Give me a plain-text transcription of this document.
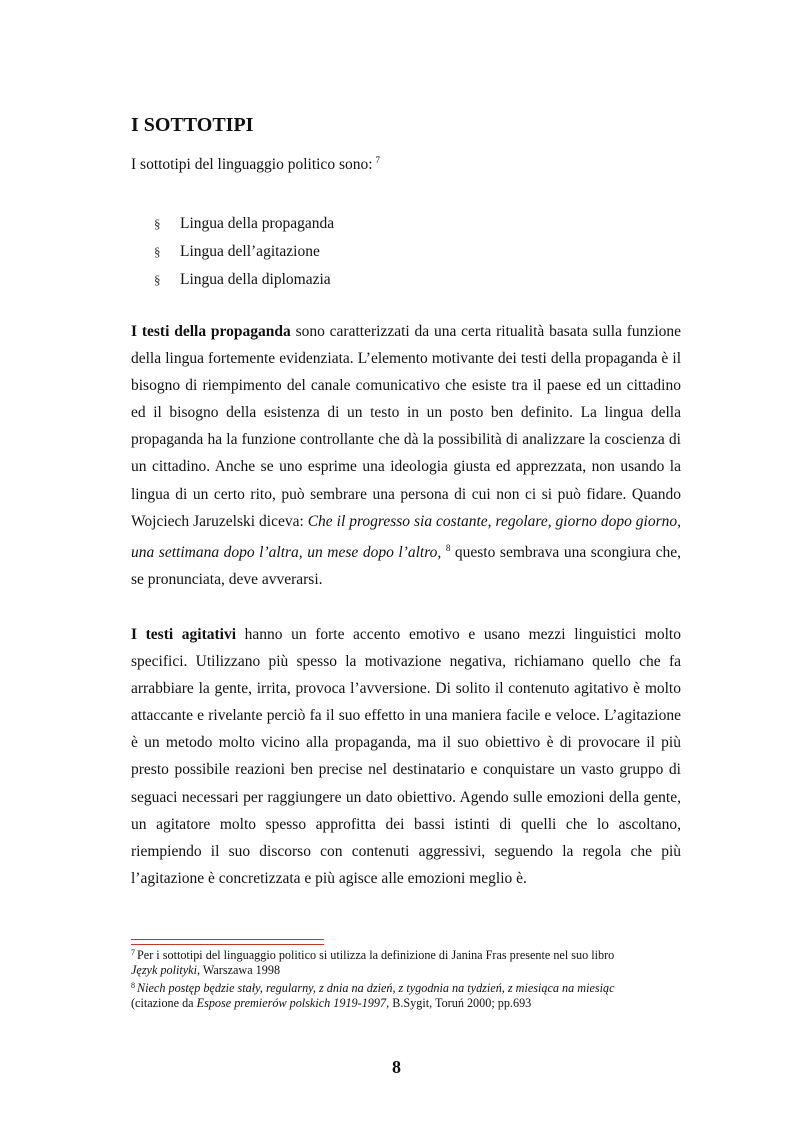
I SOTTOTIPI
I sottotipi del linguaggio politico sono: $^7$
§	Lingua della propaganda
§	Lingua dell’agitazione
§	Lingua della diplomazia

I testi della propaganda sono caratterizzati da una certa ritualità basata sulla funzione della lingua fortemente evidenziata. L’elemento motivante dei testi della propaganda è il bisogno di riempimento del canale comunicativo che esiste tra il paese ed un cittadino ed il bisogno della esistenza di un testo in un posto ben definito. La lingua della propaganda ha la funzione controllante che dà la possibilità di analizzare la coscienza di un cittadino. Anche se uno esprime una ideologia giusta ed apprezzata, non usando la lingua di un certo rito, può sembrare una persona di cui non ci si può fidare. Quando Wojciech Jaruzelski diceva: Che il progresso sia costante, regolare, giorno dopo giorno, una settimana dopo l’altra, un mese dopo l’altro, $^8$ questo sembrava una scongiura che, se pronunciata, deve avverarsi.

I testi agitativi hanno un forte accento emotivo e usano mezzi linguistici molto specifici. Utilizzano più spesso la motivazione negativa, richiamano quello che fa arrabbiare la gente, irrita, provoca l’avversione. Di solito il contenuto agitativo è molto attaccante e rivelante perciò fa il suo effetto in una maniera facile e veloce. L’agitazione è un metodo molto vicino alla propaganda, ma il suo obiettivo è di provocare il più presto possibile reazioni ben precise nel destinatario e conquistare un vasto gruppo di seguaci necessari per raggiungere un dato obiettivo. Agendo sulle emozioni della gente, un agitatore molto spesso approfitta dei bassi istinti di quelli che lo ascoltano, riempiendo il suo discorso con contenuti aggressivi, seguendo la regola che più l’agitazione è concretizzata e più agisce alle emozioni meglio è.

$^7$ Per i sottotipi del linguaggio politico si utilizza la definizione di Janina Fras presente nel suo libro
Język polityki, Warszawa 1998

$^8$ Niech postęp będzie stały, regularny, z dnia na dzień, z tygodnia na tydzień, z miesiąca na miesiąc
(citazione da Espose premierów polskich 1919-1997, B.Sygit, Toruń 2000; pp.693

8
